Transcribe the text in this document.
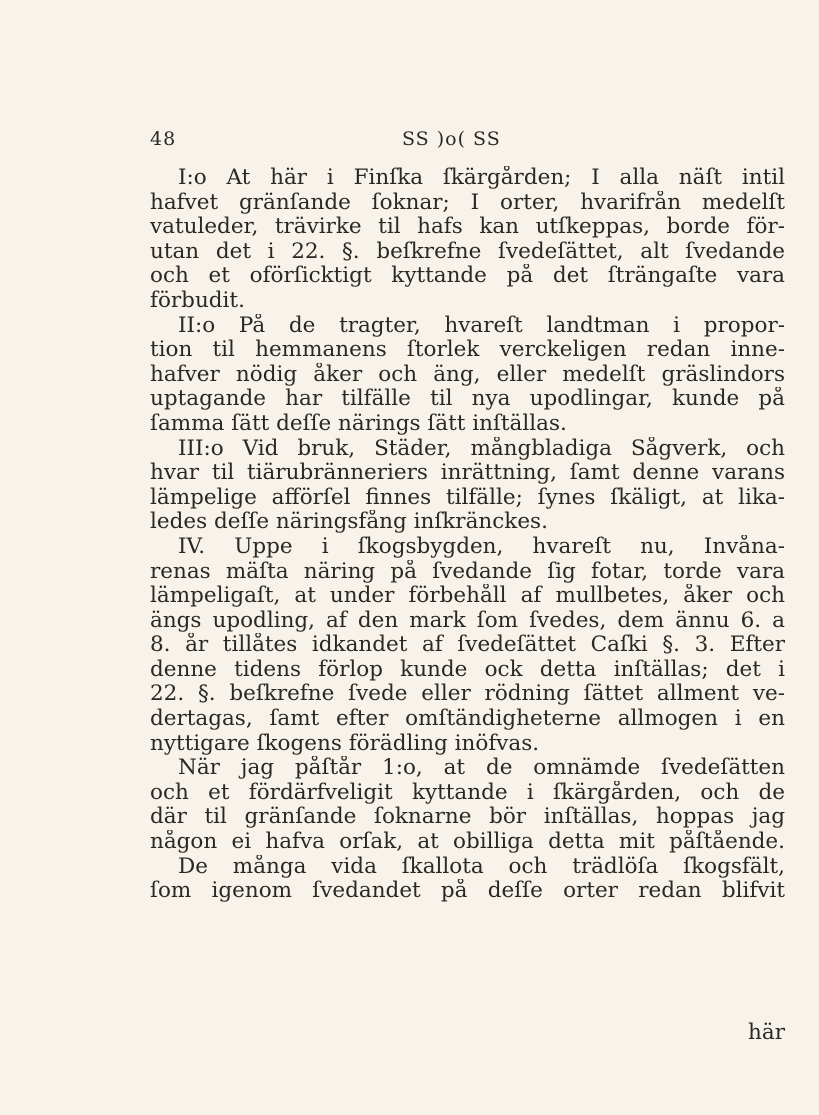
48	SS )o( SS
I:o At här i Finſka ſkärgården; I alla näſt intil
hafvet gränſande ſoknar; I orter, hvarifrån medelſt
vatuleder, trävirke til hafs kan utſkeppas, borde för-
utan det i 22. §. beſkrefne ſvedeſättet, alt ſvedande
och et oförſicktigt kyttande på det ſträngaſte vara
förbudit.
II:o På de tragter, hvareſt landtman i propor-
tion til hemmanens ſtorlek verckeligen redan inne-
hafver nödig åker och äng, eller medelſt gräslindors
uptagande har tilfälle til nya upodlingar, kunde på
ſamma ſätt deſſe närings ſätt inſtällas.
III:o Vid bruk, Städer, mångbladiga Sågverk, och
hvar til tiärubränneriers inrättning, ſamt denne varans
lämpelige afförſel finnes tilfälle; ſynes ſkäligt, at lika-
ledes deſſe näringsfång inſkränckes.
IV. Uppe i ſkogsbygden, hvareſt nu, Invåna-
renas mäſta näring på ſvedande ſig fotar, torde vara
lämpeligaſt, at under förbehåll af mullbetes, åker och
ängs upodling, af den mark ſom ſvedes, dem ännu 6. a
8. år tillåtes idkandet af ſvedeſättet Caſki §. 3. Efter
denne tidens förlop kunde ock detta inſtällas; det i
22. §. beſkrefne ſvede eller rödning ſättet allment ve-
dertagas, ſamt efter omſtändigheterne allmogen i en
nyttigare ſkogens förädling inöfvas.
När jag påſtår 1:o, at de omnämde ſvedeſätten
och et fördärfveligit kyttande i ſkärgården, och de
där til gränſande ſoknarne bör inſtällas, hoppas jag
någon ei hafva orſak, at obilliga detta mit påſtående.
De många vida ſkallota och trädlöſa ſkogsfält,
ſom igenom ſvedandet på deſſe orter redan blifvit
här
